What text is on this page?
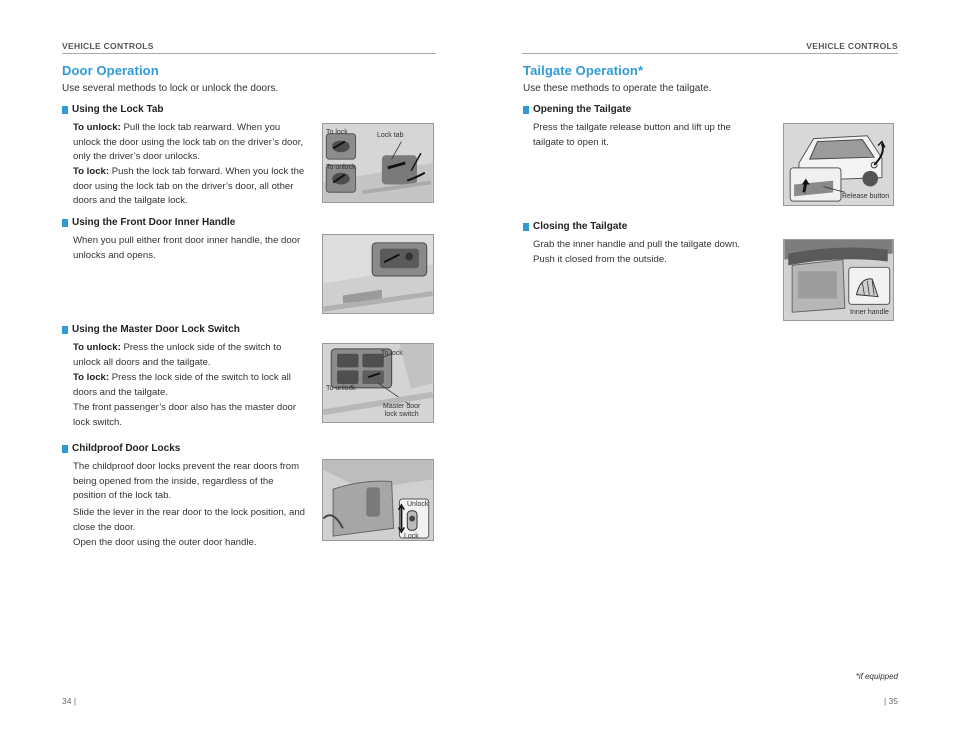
VEHICLE CONTROLS
Door Operation
Use several methods to lock or unlock the doors.
Using the Lock Tab
To unlock: Pull the lock tab rearward. When you unlock the door using the lock tab on the driver’s door, only the driver’s door unlocks.
To lock: Push the lock tab forward. When you lock the door using the lock tab on the driver’s door, all other doors and the tailgate lock.
To lock
To unlock
Lock tab
Using the Front Door Inner Handle
When you pull either front door inner handle, the door unlocks and opens.
Using the Master Door Lock Switch
To unlock: Press the unlock side of the switch to unlock all doors and the tailgate.
To lock: Press the lock side of the switch to lock all doors and the tailgate.
The front passenger’s door also has the master door lock switch.
To lock
To unlock
Master door
lock switch
Childproof Door Locks
The childproof door locks prevent the rear doors from being opened from the inside, regardless of the position of the lock tab.
Slide the lever in the rear door to the lock position, and close the door.
Open the door using the outer door handle.
Unlock
Lock
34 |
VEHICLE CONTROLS
Tailgate Operation*
Use these methods to operate the tailgate.
Opening the Tailgate
Press the tailgate release button and lift up the tailgate to open it.
Release button
Closing the Tailgate
Grab the inner handle and pull the tailgate down. Push it closed from the outside.
Inner handle
*if equipped
| 35
